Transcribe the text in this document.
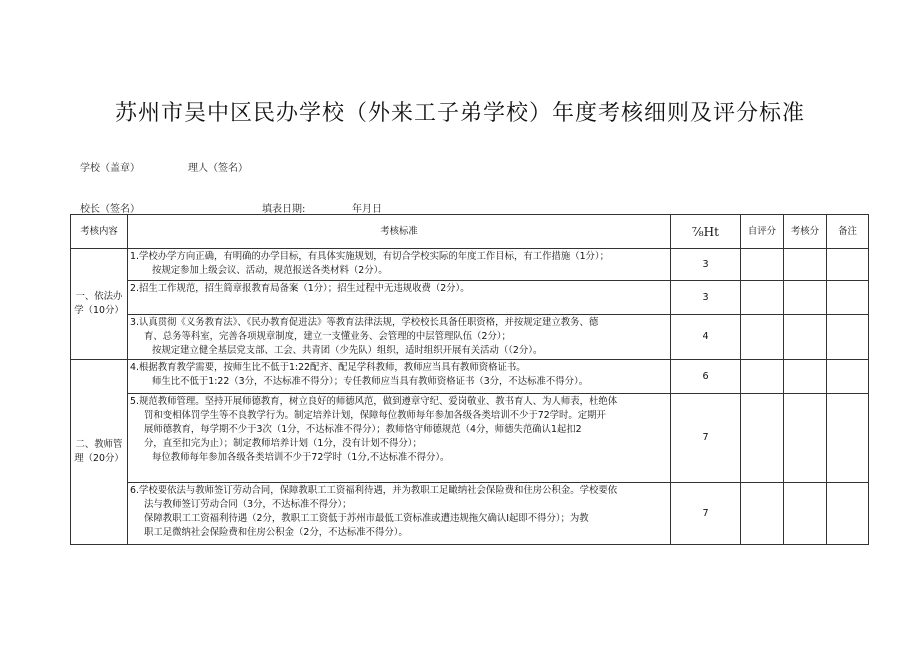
苏州市吴中区民办学校（外来工子弟学校）年度考核细则及评分标准
学校（盖章）	理人（签名）
校长（签名）	填表日期:	年月日
考核内容	考核标准	⅞Ht	自评分	考核分	备注
一、依法办学（10分）	1.学校办学方向正确，有明确的办学目标，有具体实施规划，有切合学校实际的年度工作目标，有工作措施（1分）；
按规定参加上级会议、活动，规范报送各类材料（2分）。	3			

	2.招生工作规范，招生简章报教育局备案（1分）；招生过程中无违规收费（2分）。	3			

	3.认真贯彻《义务教育法》、《民办教育促进法》等教育法律法规，学校校长具备任职资格，并按规定建立教务、德
育、总务等科室，完善各项规章制度，建立一支懂业务、会管理的中层管理队伍（2分）；
按规定建立健全基层党支部、工会、共青团（少先队）组织，适时组织开展有关活动（（2分）。	4			
二、教师管理（20分）	4.根据教育教学需要，按师生比不低于1:22配齐、配足学科教师，教师应当具有教师资格证书。
师生比不低于1:22（3分，不达标准不得分）；专任教师应当具有教师资格证书（3分，不达标准不得分）。	6			

	5.规范教师管理。坚持开展师德教育，树立良好的师德风范，做到遵章守纪、爱岗敬业、教书育人、为人师表，杜绝体
罚和变相体罚学生等不良教学行为。制定培养计划，保障每位教师每年参加各级各类培训不少于72学时。定期开
展师德教育，每学期不少于3次（1分，不达标准不得分）；教师恪守师德规范（4分，师德失范确认1起扣2
分，直至扣完为止）；制定教师培养计划（1分，没有计划不得分）；
每位教师每年参加各级各类培训不少于72学时（1分,不达标准不得分）。	7			

	6.学校要依法与教师签订劳动合同，保障教职工工资福利待遇，并为教职工足瞰纳社会保险费和住房公积金。学校要依
法与教师签订劳动合同（3分，不达标准不得分）；
保障教职工工资福利待遇（2分，教职工工资低于苏州市最低工资标准或遭违规拖欠确认I起即不得分）；为教
职工足微纳社会保险费和住房公积金（2分，不达标准不得分）。	7			
